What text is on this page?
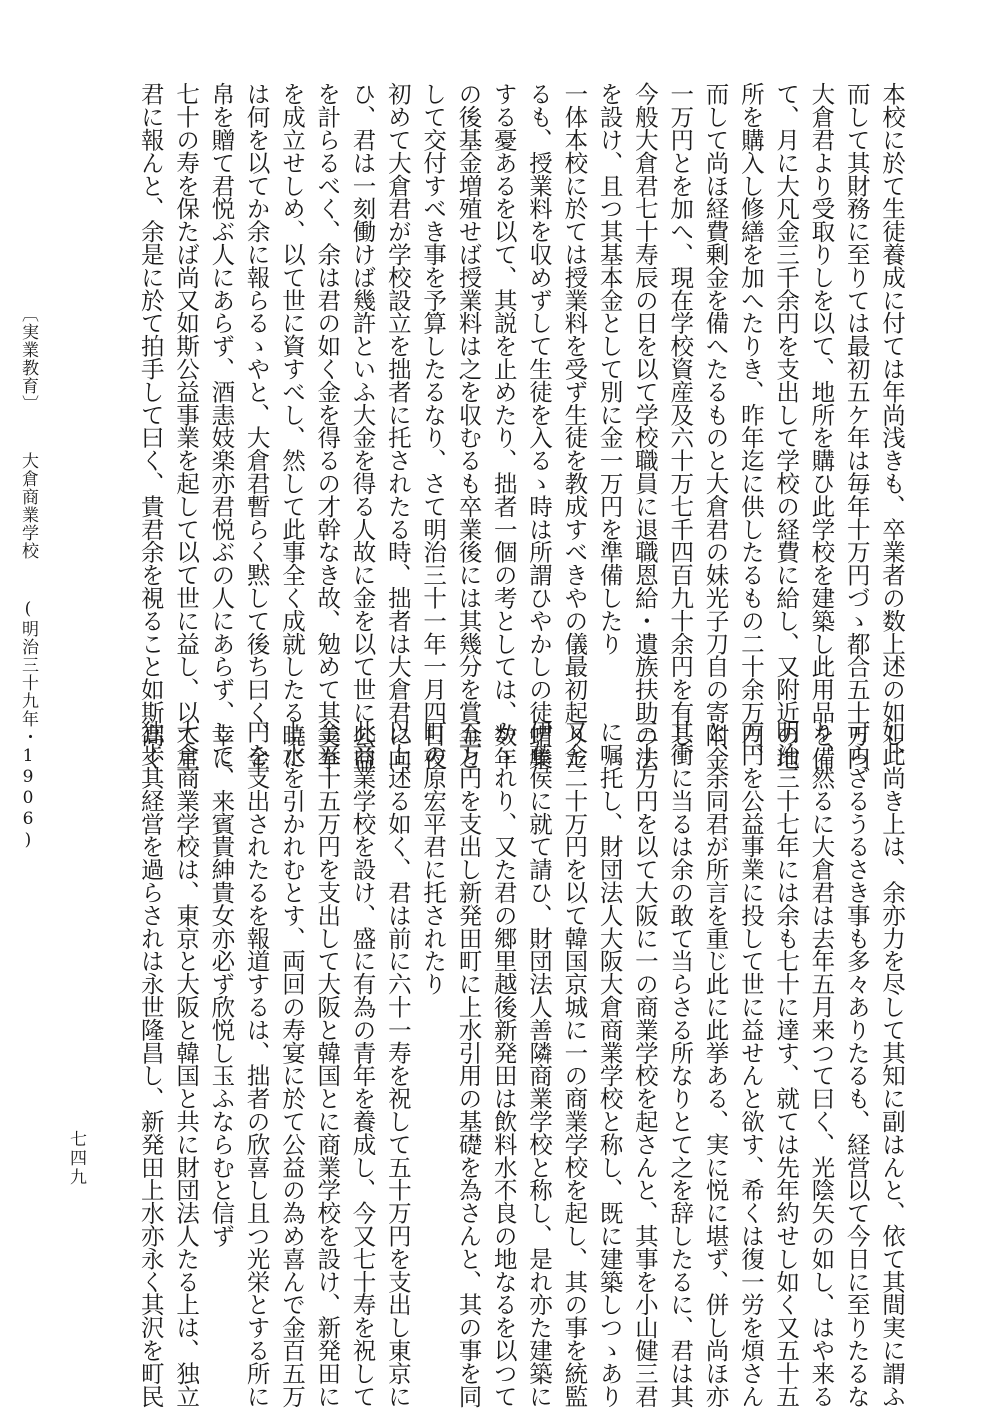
〔実業教育〕 大倉商業学校 (明治三十九年・1906)	本校に於て生徒養成に付ては年尚浅きも、卒業者の数上述の如し、
而して其財務に至りては最初五ケ年は毎年十万円づゝ都合五十万円
大倉君より受取りしを以て、地所を購ひ此学校を建築し此用品を備
て、月に大凡金三千余円を支出して学校の経費に給し、又附近の地
所を購入し修繕を加へたりき、昨年迄に供したるもの二十余万円、
而して尚ほ経費剰金を備へたるものと大倉君の妹光子刀自の寄附金
一万円とを加へ、現在学校資産及六十万七千四百九十余円を有し、
今般大倉君七十寿辰の日を以て学校職員に退職恩給・遺族扶助の法
を設け、且つ其基本金として別に金一万円を準備したり
一体本校に於ては授業料を受ず生徒を教成すべきやの儀最初起りた
るも、授業料を収めずして生徒を入るゝ時は所謂ひやかしの徒蝟集
する憂あるを以て、其説を止めたり、拙者一個の考としては、数年
の後基金増殖せば授業料は之を収むるも卒業後には其幾分を賞金と
して交付すべき事を予算したるなり、さて明治三十一年一月四日夜
初めて大倉君が学校設立を拙者に托されたる時、拙者は大倉君に向
ひ、君は一刻働けば幾許といふ大金を得る人故に金を以て世に公益
を計らるべく、余は君の如く金を得るの才幹なき故、勉めて其美挙
を成立せしめ、以て世に資すべし、然して此事全く成就したる暁に
は何を以てか余に報らるゝやと、大倉君暫らく黙して後ち曰く、金
帛を贈て君悦ぶ人にあらず、酒恚妓楽亦君悦ぶの人にあらず、幸に
七十の寿を保たば尚又如斯公益事業を起して以て世に益し、以て主
君に報んと、余是に於て拍手して曰く、貴君余を視ること如斯高く
如此尚き上は、余亦力を尽して其知に副はんと、依て其間実に謂ふ
可らざるうるさき事も多々ありたるも、経営以て今日に至りたるな
り、然るに大倉君は去年五月来つて曰く、光陰矢の如し、はや来る
明治三十七年には余も七十に達す、就ては先年約せし如く又五十五
万円を公益事業に投して世に益せんと欲す、希くは復一労を煩さん
と、余同君が所言を重じ此に此挙ある、実に悦に堪ず、併し尚ほ亦
其衝に当るは余の敢て当らさる所なりとて之を辞したるに、君は其
三十万円を以て大阪に一の商業学校を起さんと、其事を小山健三君
に嘱托し、財団法人大阪大倉商業学校と称し、既に建築しつゝあり
又金二十万円を以て韓国京城に一の商業学校を起し、其の事を統監
伊藤侯に就て請ひ、財団法人善隣商業学校と称し、是れ亦た建築に
かゝれり、又た君の郷里越後新発田は飲料水不良の地なるを以つて
五万円を支出し新発田町に上水引用の基礎を為さんと、其の事を同
町の原宏平君に托されたり
以上述る如く、君は前に六十一寿を祝して五十万円を支出し東京に
此商業学校を設け、盛に有為の青年を養成し、今又七十寿を祝して
金五十五万円を支出して大阪と韓国とに商業学校を設け、新発田に
上水を引かれむとす、両回の寿宴に於て公益の為め喜んで金百五万
円を支出されたるを報道するは、拙者の欣喜し且つ光栄とする所に
して、来賓貴紳貴女亦必ず欣悦し玉ふならむと信ず
大倉商業学校は、東京と大阪と韓国と共に財団法人たる上は、独立
独歩其経営を過らされは永世隆昌し、新発田上水亦永く其沢を町民
七四九
